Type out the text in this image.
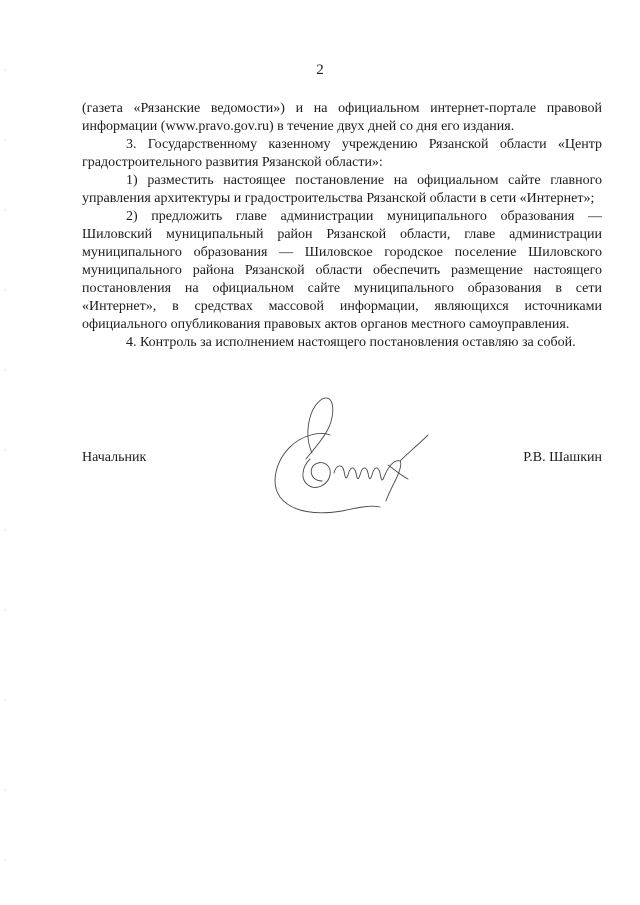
2

(газета «Рязанские ведомости») и на официальном интернет-портале правовой информации (www.pravo.gov.ru) в течение двух дней со дня его издания.

3. Государственному казенному учреждению Рязанской области «Центр градостроительного развития Рязанской области»:

1) разместить настоящее постановление на официальном сайте главного управления архитектуры и градостроительства Рязанской области в сети «Интернет»;

2) предложить главе администрации муниципального образования — Шиловский муниципальный район Рязанской области, главе администрации муниципального образования — Шиловское городское поселение Шиловского муниципального района Рязанской области обеспечить размещение настоящего постановления на официальном сайте муниципального образования в сети «Интернет», в средствах массовой информации, являющихся источниками официального опубликования правовых актов органов местного самоуправления.

4. Контроль за исполнением настоящего постановления оставляю за собой.

Начальник	Р.В. Шашкин
